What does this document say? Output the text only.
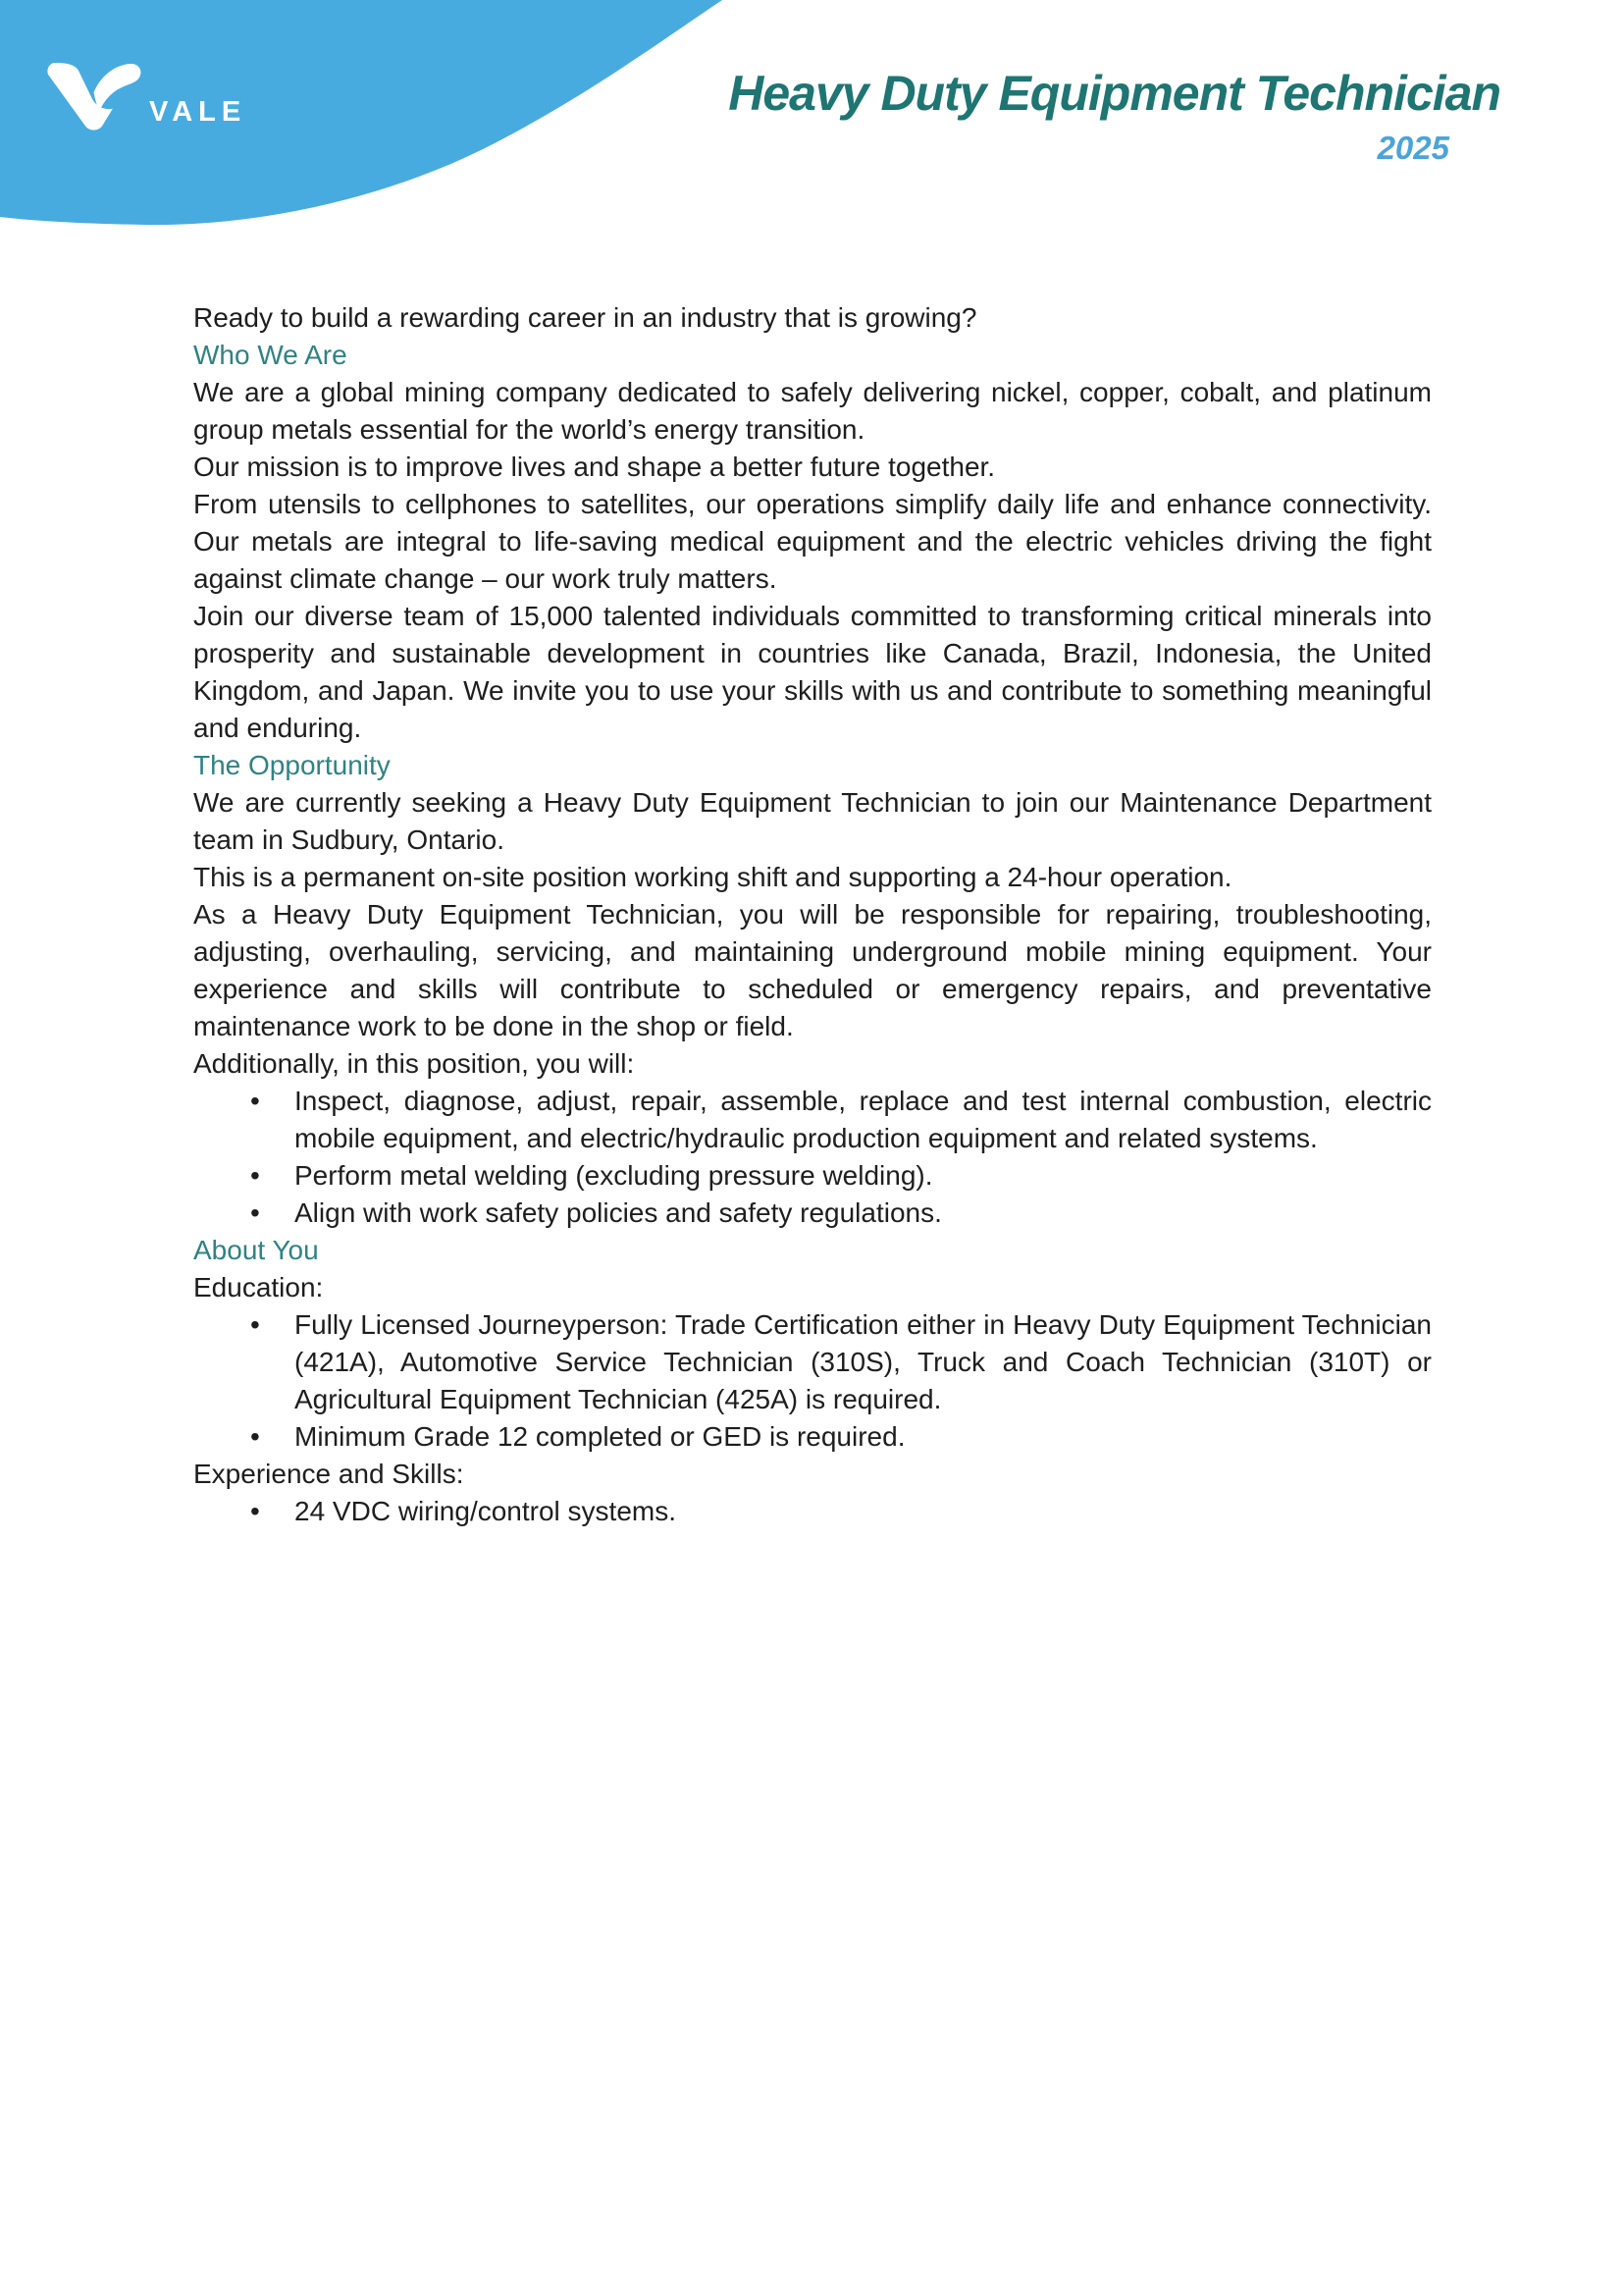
VALE	Heavy Duty Equipment Technician
2025

Ready to build a rewarding career in an industry that is growing?

Who We Are

We are a global mining company dedicated to safely delivering nickel, copper, cobalt, and platinum group metals essential for the world’s energy transition.

Our mission is to improve lives and shape a better future together.

From utensils to cellphones to satellites, our operations simplify daily life and enhance connectivity. Our metals are integral to life-saving medical equipment and the electric vehicles driving the fight against climate change – our work truly matters.

Join our diverse team of 15,000 talented individuals committed to transforming critical minerals into prosperity and sustainable development in countries like Canada, Brazil, Indonesia, the United Kingdom, and Japan. We invite you to use your skills with us and contribute to something meaningful and enduring.

The Opportunity

We are currently seeking a Heavy Duty Equipment Technician to join our Maintenance Department team in Sudbury, Ontario.

This is a permanent on-site position working shift and supporting a 24-hour operation.

As a Heavy Duty Equipment Technician, you will be responsible for repairing, troubleshooting, adjusting, overhauling, servicing, and maintaining underground mobile mining equipment. Your experience and skills will contribute to scheduled or emergency repairs, and preventative maintenance work to be done in the shop or field.

Additionally, in this position, you will:

• Inspect, diagnose, adjust, repair, assemble, replace and test internal combustion, electric mobile equipment, and electric/hydraulic production equipment and related systems.
• Perform metal welding (excluding pressure welding).
• Align with work safety policies and safety regulations.
About You

Education:

• Fully Licensed Journeyperson: Trade Certification either in Heavy Duty Equipment Technician (421A), Automotive Service Technician (310S), Truck and Coach Technician (310T) or Agricultural Equipment Technician (425A) is required.
• Minimum Grade 12 completed or GED is required.

Experience and Skills:

• 24 VDC wiring/control systems.
